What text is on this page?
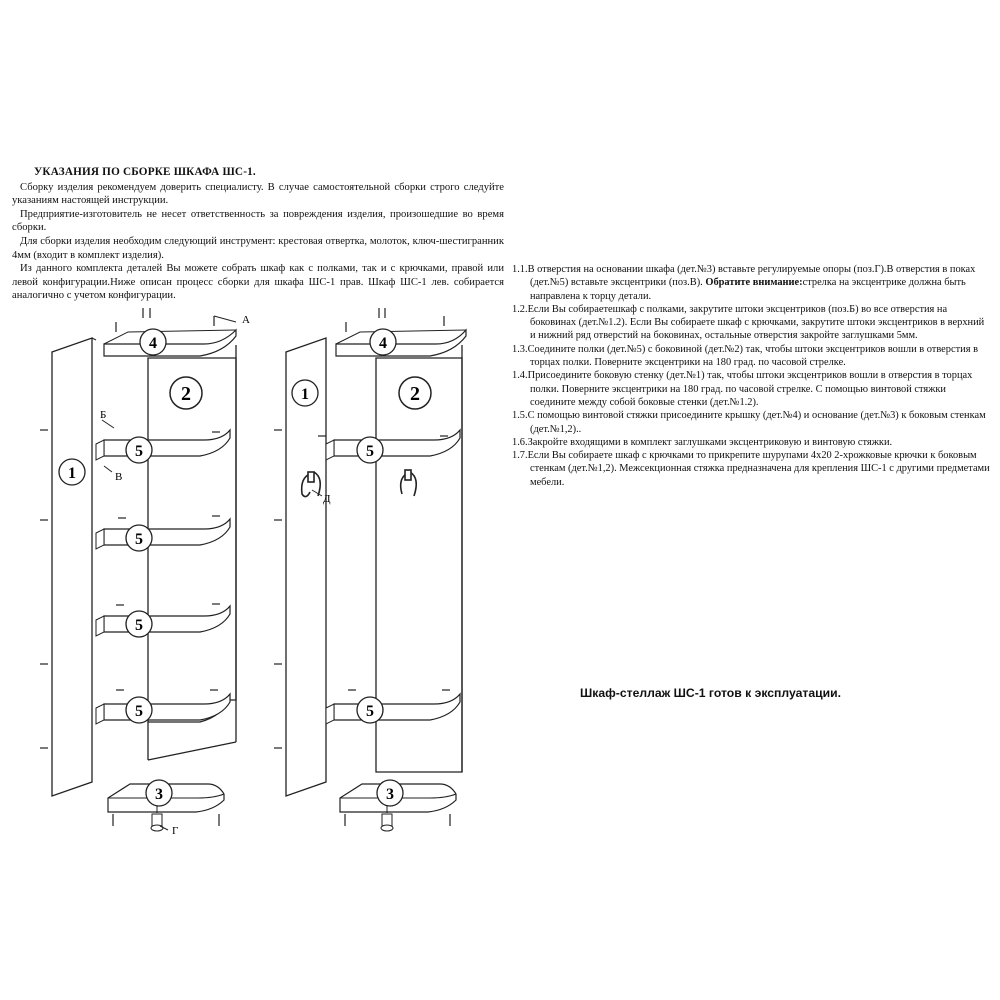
УКАЗАНИЯ ПО СБОРКЕ ШКАФА ШС-1.

Сборку изделия рекомендуем доверить специалисту. В случае самостоятельной сборки строго следуйте указаниям настоящей инструкции.

Предприятие-изготовитель не несет ответственность за повреждения изделия, произошедшие во время сборки.

Для сборки изделия необходим следующий инструмент: крестовая отвертка, молоток, ключ-шестигранник 4мм (входит в комплект изделия).

Из данного комплекта деталей Вы можете собрать шкаф как с полками, так и с крючками, правой или левой конфигурации.Ниже описан процесс сборки для шкафа ШС-1 прав. Шкаф ШС-1 лев. собирается аналогично с учетом конфигурации.

1.1.В отверстия на основании шкафа (дет.№3) вставьте регулируемые опоры (поз.Г).В отверстия в поках (дет.№5) вставьте эксцентрики (поз.В). Обратите внимание:стрелка на эксцентрике должна быть направлена к торцу детали.

1.2.Если Вы собираетешкаф с полками, закрутите штоки эксцентриков (поз.Б) во все отверстия на боковинах (дет.№1.2). Если Вы собираете шкаф с крючками, закрутите штоки эксцентриков в верхний и нижний ряд отверстий на боковинах, остальные отверстия закройте заглушками 5мм.

1.3.Соедините полки (дет.№5) с боковиной (дет.№2) так, чтобы штоки эксцентриков вошли в отверстия в торцах полки. Поверните эксцентрики на 180 град. по часовой стрелке.

1.4.Присоедините боковую стенку (дет.№1) так, чтобы штоки эксцентриков вошли в отверстия в торцах полки. Поверните эксцентрики на 180 град. по часовой стрелке. С помощью винтовой стяжки соедините между собой боковые стенки (дет.№1.2).

1.5.С помощью винтовой стяжки присоедините крышку (дет.№4) и основание (дет.№3) к боковым стенкам (дет.№1,2)..

1.6.Закройте входящими в комплект заглушками эксцентриковую и винтовую стяжки.

1.7.Если Вы собираете шкаф с крючками то прикрепите шурупами 4х20 2-хрожковые крючки к боковым стенкам (дет.№1,2). Межсекционная стяжка предназначена для крепления ШС-1 с другими предметами мебели.

Шкаф-стеллаж ШС-1 готов к эксплуатации.
4
1
2
5
5
5
5
3
А
Б
В
Г
4
1	2
5
5
3
Д
